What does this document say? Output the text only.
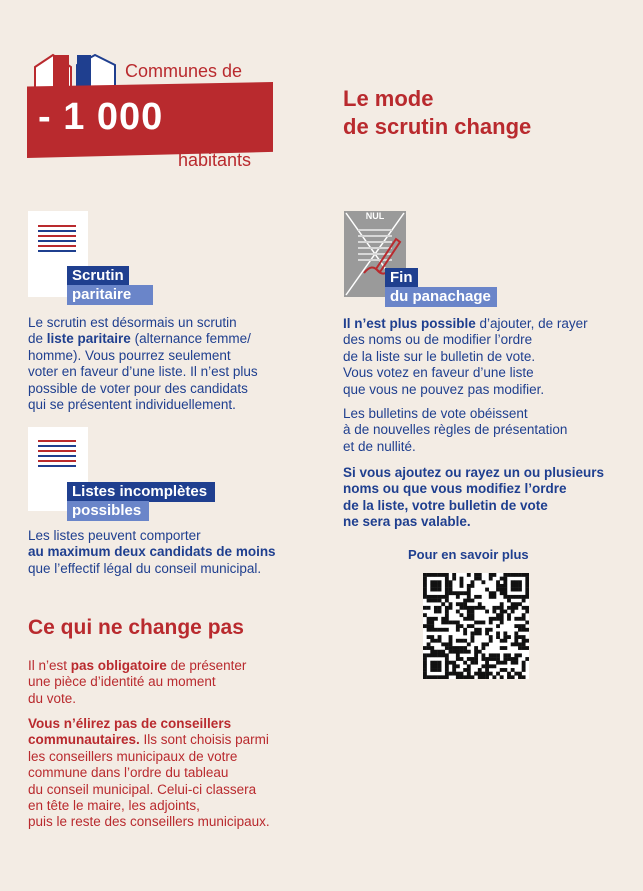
Communes de
- 1 000
habitants
Le mode
de scrutin change
Scrutin
paritaire
Le scrutin est désormais un scrutin
de liste paritaire (alternance femme/
homme). Vous pourrez seulement
voter en faveur d’une liste. Il n’est plus
possible de voter pour des candidats
qui se présentent individuellement.
Listes incomplètes
possibles
Les listes peuvent comporter
au maximum deux candidats de moins
que l’effectif légal du conseil municipal.
NUL
Fin
du panachage
Il n’est plus possible d’ajouter, de rayer
des noms ou de modifier l’ordre
de la liste sur le bulletin de vote.
Vous votez en faveur d’une liste
que vous ne pouvez pas modifier.
Les bulletins de vote obéissent
à de nouvelles règles de présentation
et de nullité.
Si vous ajoutez ou rayez un ou plusieurs
noms ou que vous modifiez l’ordre
de la liste, votre bulletin de vote
ne sera pas valable.
Pour en savoir plus
Ce qui ne change pas
Il n’est pas obligatoire de présenter
une pièce d’identité au moment
du vote.
Vous n’élirez pas de conseillers
communautaires. Ils sont choisis parmi
les conseillers municipaux de votre
commune dans l’ordre du tableau
du conseil municipal. Celui-ci classera
en tête le maire, les adjoints,
puis le reste des conseillers municipaux.
